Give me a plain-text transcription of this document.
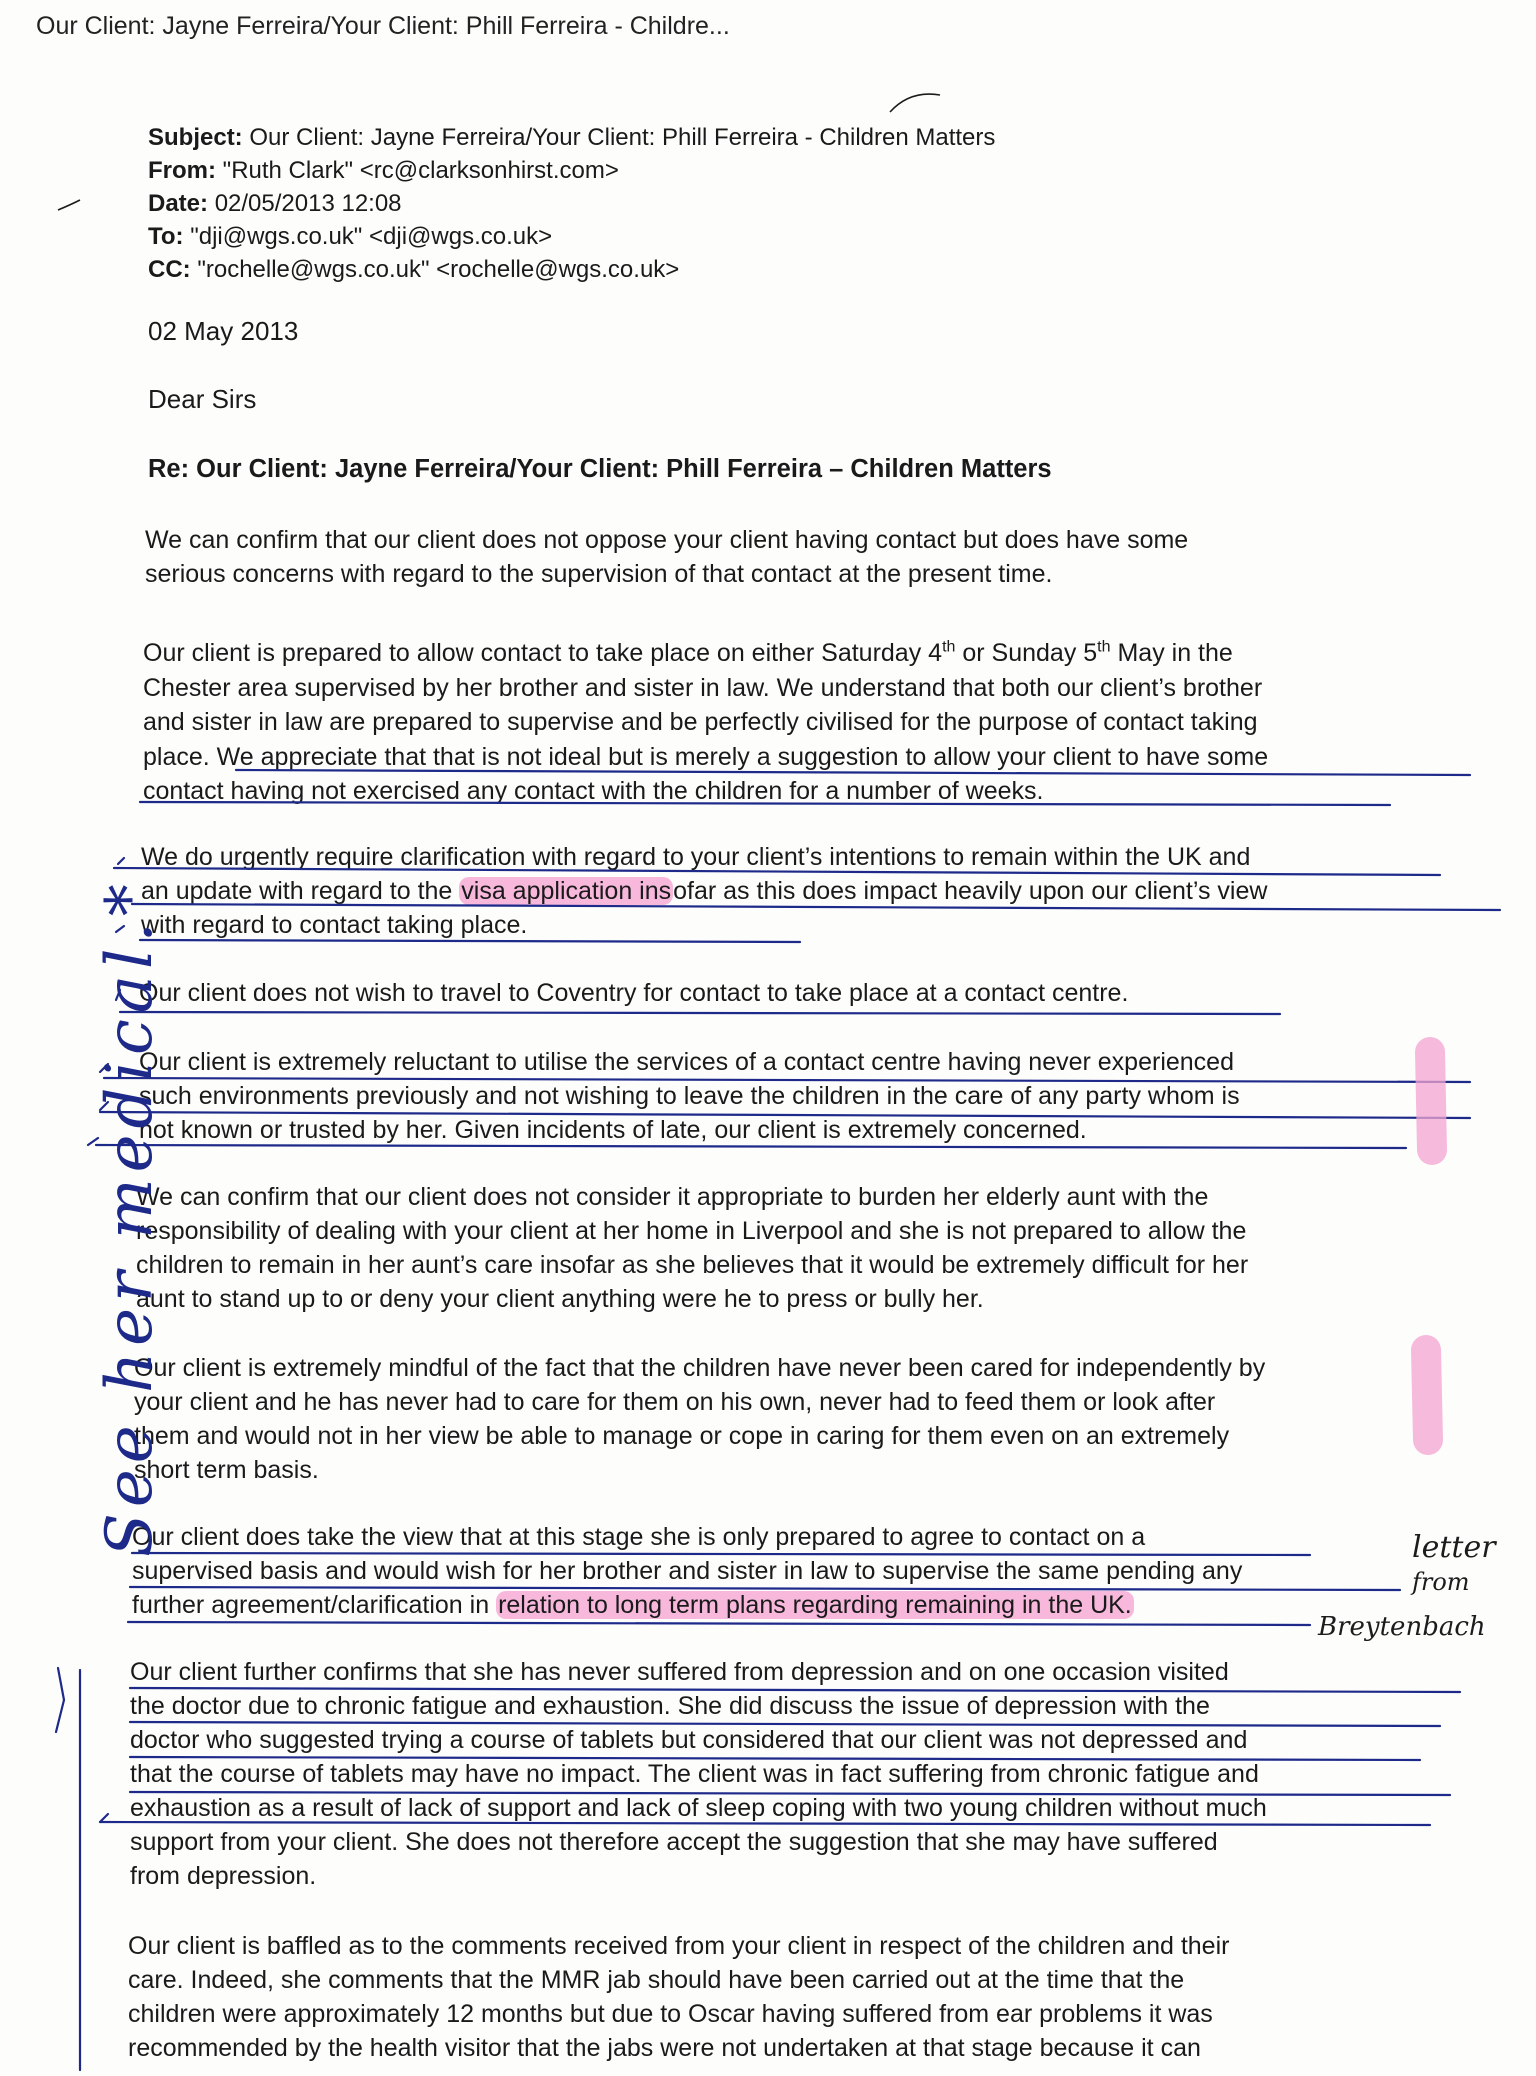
Our Client: Jayne Ferreira/Your Client: Phill Ferreira - Childre...
Subject: Our Client: Jayne Ferreira/Your Client: Phill Ferreira - Children Matters
From: "Ruth Clark" <rc@clarksonhirst.com>
Date: 02/05/2013 12:08
To: "dji@wgs.co.uk" <dji@wgs.co.uk>
CC: "rochelle@wgs.co.uk" <rochelle@wgs.co.uk>
02 May 2013
Dear Sirs
Re: Our Client: Jayne Ferreira/Your Client: Phill Ferreira – Children Matters
We can confirm that our client does not oppose your client having contact but does have some
serious concerns with regard to the supervision of that contact at the present time.
Our client is prepared to allow contact to take place on either Saturday 4th or Sunday 5th May in the
Chester area supervised by her brother and sister in law. We understand that both our client’s brother
and sister in law are prepared to supervise and be perfectly civilised for the purpose of contact taking
place. We appreciate that that is not ideal but is merely a suggestion to allow your client to have some
contact having not exercised any contact with the children for a number of weeks.
We do urgently require clarification with regard to your client’s intentions to remain within the UK and
an update with regard to the visa application insofar as this does impact heavily upon our client’s view
with regard to contact taking place.
Our client does not wish to travel to Coventry for contact to take place at a contact centre.
Our client is extremely reluctant to utilise the services of a contact centre having never experienced
such environments previously and not wishing to leave the children in the care of any party whom is
not known or trusted by her. Given incidents of late, our client is extremely concerned.
We can confirm that our client does not consider it appropriate to burden her elderly aunt with the
responsibility of dealing with your client at her home in Liverpool and she is not prepared to allow the
children to remain in her aunt’s care insofar as she believes that it would be extremely difficult for her
aunt to stand up to or deny your client anything were he to press or bully her.
Our client is extremely mindful of the fact that the children have never been cared for independently by
your client and he has never had to care for them on his own, never had to feed them or look after
them and would not in her view be able to manage or cope in caring for them even on an extremely
short term basis.
Our client does take the view that at this stage she is only prepared to agree to contact on a
supervised basis and would wish for her brother and sister in law to supervise the same pending any
further agreement/clarification in relation to long term plans regarding remaining in the UK.
Our client further confirms that she has never suffered from depression and on one occasion visited
the doctor due to chronic fatigue and exhaustion. She did discuss the issue of depression with the
doctor who suggested trying a course of tablets but considered that our client was not depressed and
that the course of tablets may have no impact. The client was in fact suffering from chronic fatigue and
exhaustion as a result of lack of support and lack of sleep coping with two young children without much
support from your client. She does not therefore accept the suggestion that she may have suffered
from depression.
Our client is baffled as to the comments received from your client in respect of the children and their
care. Indeed, she comments that the MMR jab should have been carried out at the time that the
children were approximately 12 months but due to Oscar having suffered from ear problems it was
recommended by the health visitor that the jabs were not undertaken at that stage because it can
See her medical.*
letter
from
Breytenbach
